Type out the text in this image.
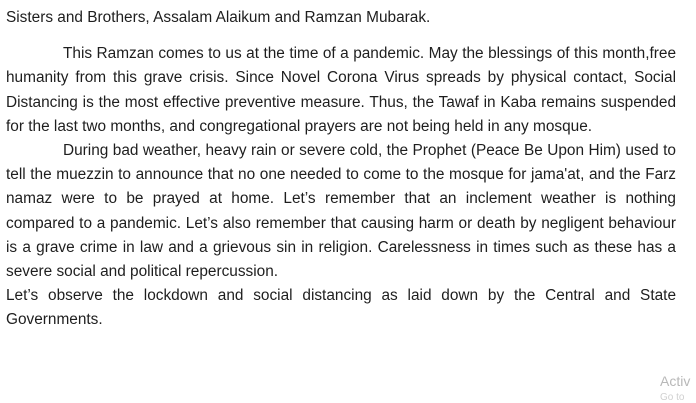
Sisters and Brothers, Assalam Alaikum and Ramzan Mubarak.

This Ramzan comes to us at the time of a pandemic. May the blessings of this month,free humanity from this grave crisis. Since Novel Corona Virus spreads by physical contact, Social Distancing is the most effective preventive measure. Thus, the Tawaf in Kaba remains suspended for the last two months, and congregational prayers are not being held in any mosque.

During bad weather, heavy rain or severe cold, the Prophet (Peace Be Upon Him) used to tell the muezzin to announce that no one needed to come to the mosque for jama'at, and the Farz namaz were to be prayed at home. Let’s remember that an inclement weather is nothing compared to a pandemic. Let’s also remember that causing harm or death by negligent behaviour is a grave crime in law and a grievous sin in religion. Carelessness in times such as these has a severe social and political repercussion.

Let’s observe the lockdown and social distancing as laid down by the Central and State Governments.

Activ
Go to
